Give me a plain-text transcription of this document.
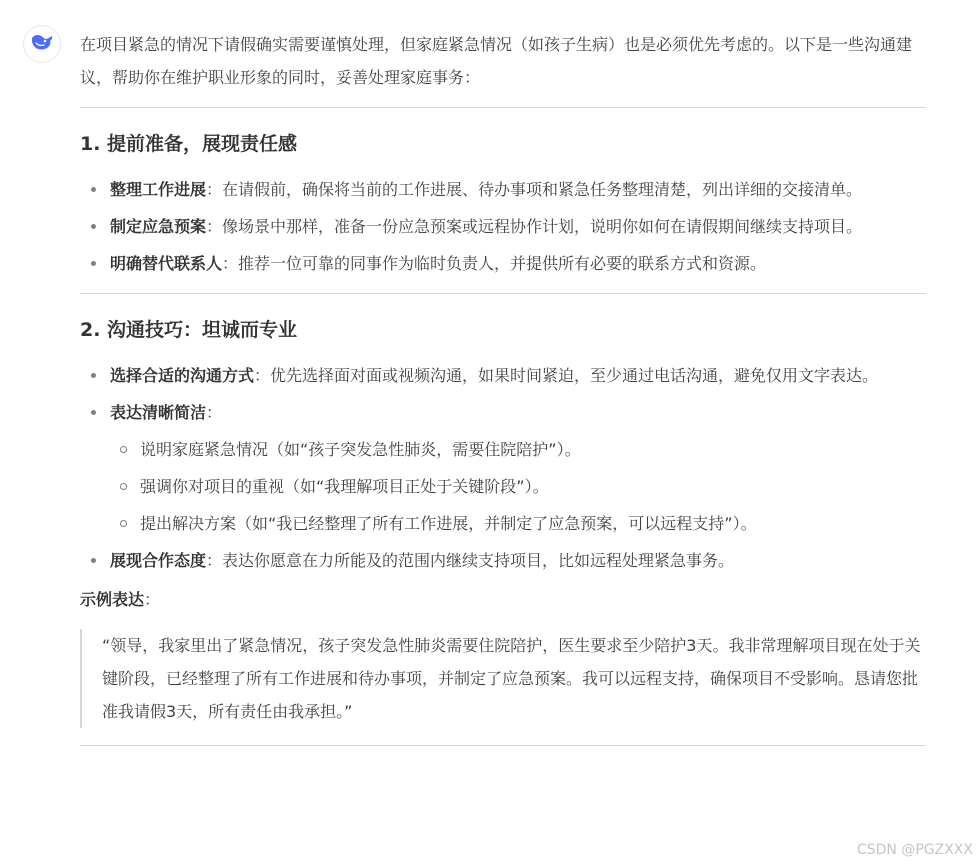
在项目紧急的情况下请假确实需要谨慎处理，但家庭紧急情况（如孩子生病）也是必须优先考虑的。以下是一些沟通建议，帮助你在维护职业形象的同时，妥善处理家庭事务：

1. 提前准备，展现责任感
整理工作进展：在请假前，确保将当前的工作进展、待办事项和紧急任务整理清楚，列出详细的交接清单。
制定应急预案：像场景中那样，准备一份应急预案或远程协作计划，说明你如何在请假期间继续支持项目。
明确替代联系人：推荐一位可靠的同事作为临时负责人，并提供所有必要的联系方式和资源。
2. 沟通技巧：坦诚而专业
选择合适的沟通方式：优先选择面对面或视频沟通，如果时间紧迫，至少通过电话沟通，避免仅用文字表达。
表达清晰简洁：
说明家庭紧急情况（如“孩子突发急性肺炎，需要住院陪护”）。
强调你对项目的重视（如“我理解项目正处于关键阶段”）。
提出解决方案（如“我已经整理了所有工作进展，并制定了应急预案，可以远程支持”）。
展现合作态度：表达你愿意在力所能及的范围内继续支持项目，比如远程处理紧急事务。

示例表达：

“领导，我家里出了紧急情况，孩子突发急性肺炎需要住院陪护，医生要求至少陪护3天。我非常理解项目现在处于关键阶段，已经整理了所有工作进展和待办事项，并制定了应急预案。我可以远程支持，确保项目不受影响。恳请您批准我请假3天，所有责任由我承担。”
CSDN @PGZXXX
